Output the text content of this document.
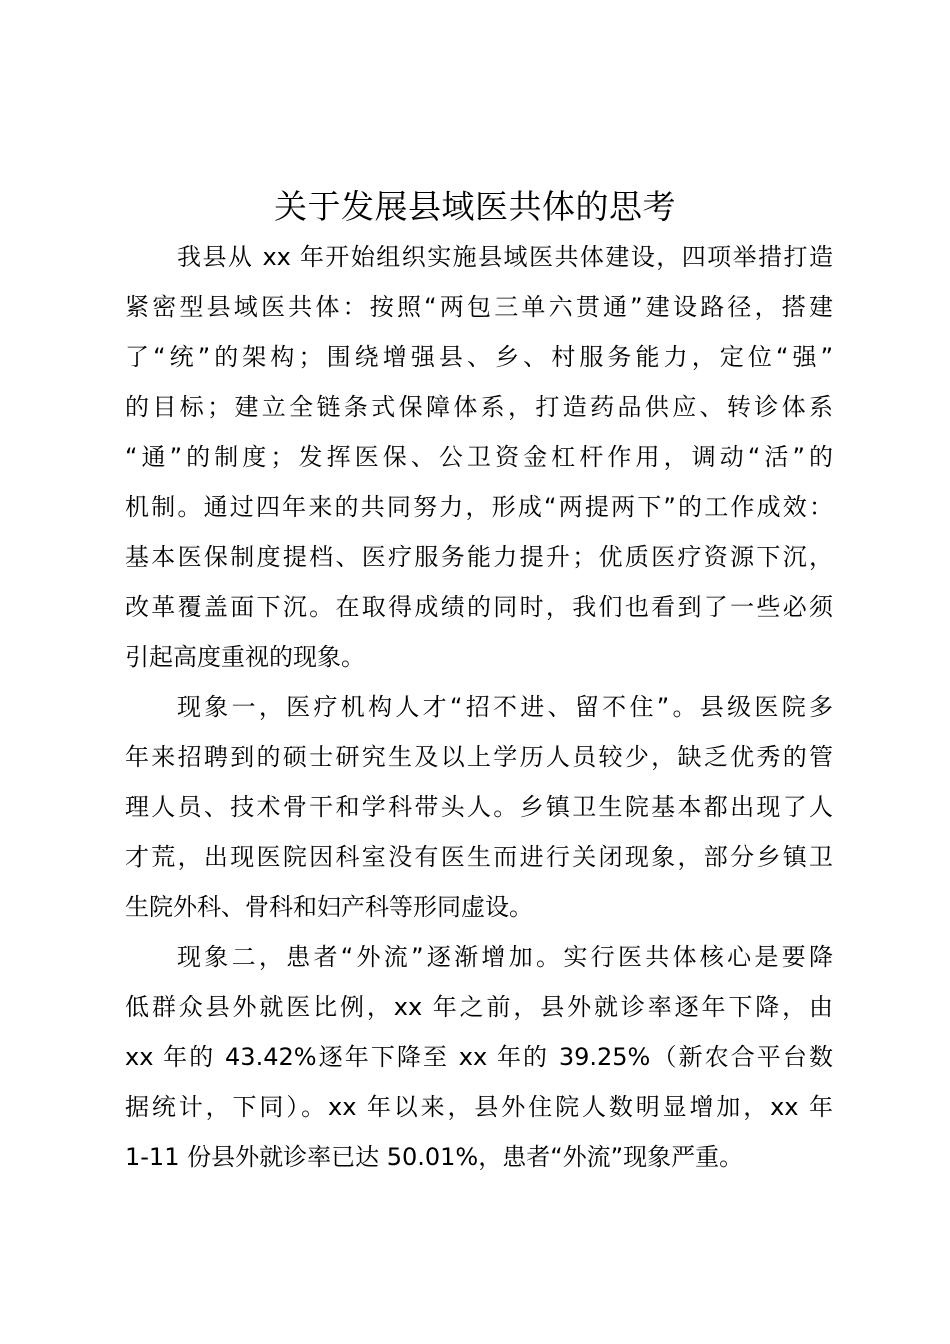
关于发展县域医共体的思考
我县从 xx 年开始组织实施县域医共体建设，四项举措打造
紧密型县域医共体：按照“两包三单六贯通”建设路径，搭建
了“统”的架构；围绕增强县、乡、村服务能力，定位“强”
的目标；建立全链条式保障体系，打造药品供应、转诊体系
“通”的制度；发挥医保、公卫资金杠杆作用，调动“活”的
机制。通过四年来的共同努力，形成“两提两下”的工作成效：
基本医保制度提档、医疗服务能力提升；优质医疗资源下沉，
改革覆盖面下沉。在取得成绩的同时，我们也看到了一些必须
引起高度重视的现象。
现象一，医疗机构人才“招不进、留不住”。县级医院多
年来招聘到的硕士研究生及以上学历人员较少，缺乏优秀的管
理人员、技术骨干和学科带头人。乡镇卫生院基本都出现了人
才荒，出现医院因科室没有医生而进行关闭现象，部分乡镇卫
生院外科、骨科和妇产科等形同虚设。
现象二，患者“外流”逐渐增加。实行医共体核心是要降
低群众县外就医比例，xx 年之前，县外就诊率逐年下降，由
xx 年的 43.42%逐年下降至 xx 年的 39.25%（新农合平台数
据统计，下同）。xx 年以来，县外住院人数明显增加，xx 年
1-11 份县外就诊率已达 50.01%，患者“外流”现象严重。
